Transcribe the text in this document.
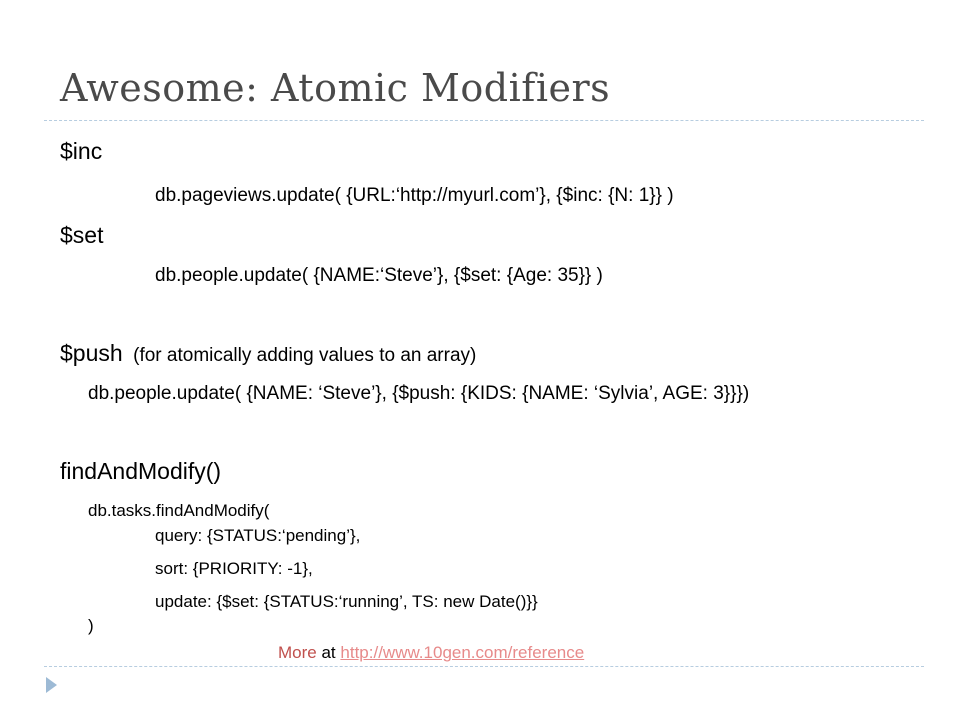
Awesome: Atomic Modifiers
$inc
db.pageviews.update( {URL:‘http://myurl.com’}, {$inc: {N: 1}} )
$set
db.people.update( {NAME:‘Steve’}, {$set: {Age: 35}} )
$push (for atomically adding values to an array)
db.people.update( {NAME: ‘Steve’}, {$push: {KIDS: {NAME: ‘Sylvia’, AGE: 3}}})
findAndModify()
db.tasks.findAndModify(
query: {STATUS:‘pending’},
sort: {PRIORITY: -1},
update: {$set: {STATUS:‘running’, TS: new Date()}}
)
More at http://www.10gen.com/reference
